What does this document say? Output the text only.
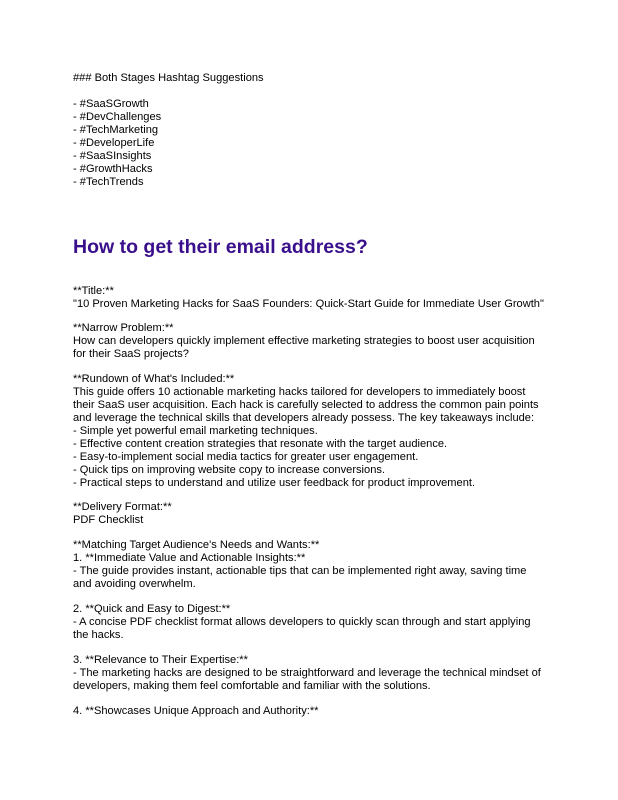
### Both Stages Hashtag Suggestions
- #SaaSGrowth
- #DevChallenges
- #TechMarketing
- #DeveloperLife
- #SaaSInsights
- #GrowthHacks
- #TechTrends
How to get their email address?
**Title:**
"10 Proven Marketing Hacks for SaaS Founders: Quick-Start Guide for Immediate User Growth"
**Narrow Problem:**
How can developers quickly implement effective marketing strategies to boost user acquisition
for their SaaS projects?
**Rundown of What's Included:**
This guide offers 10 actionable marketing hacks tailored for developers to immediately boost
their SaaS user acquisition. Each hack is carefully selected to address the common pain points
and leverage the technical skills that developers already possess. The key takeaways include:
- Simple yet powerful email marketing techniques.
- Effective content creation strategies that resonate with the target audience.
- Easy-to-implement social media tactics for greater user engagement.
- Quick tips on improving website copy to increase conversions.
- Practical steps to understand and utilize user feedback for product improvement.
**Delivery Format:**
PDF Checklist
**Matching Target Audience's Needs and Wants:**
1. **Immediate Value and Actionable Insights:**
- The guide provides instant, actionable tips that can be implemented right away, saving time
and avoiding overwhelm.
2. **Quick and Easy to Digest:**
- A concise PDF checklist format allows developers to quickly scan through and start applying
the hacks.
3. **Relevance to Their Expertise:**
- The marketing hacks are designed to be straightforward and leverage the technical mindset of
developers, making them feel comfortable and familiar with the solutions.
4. **Showcases Unique Approach and Authority:**
